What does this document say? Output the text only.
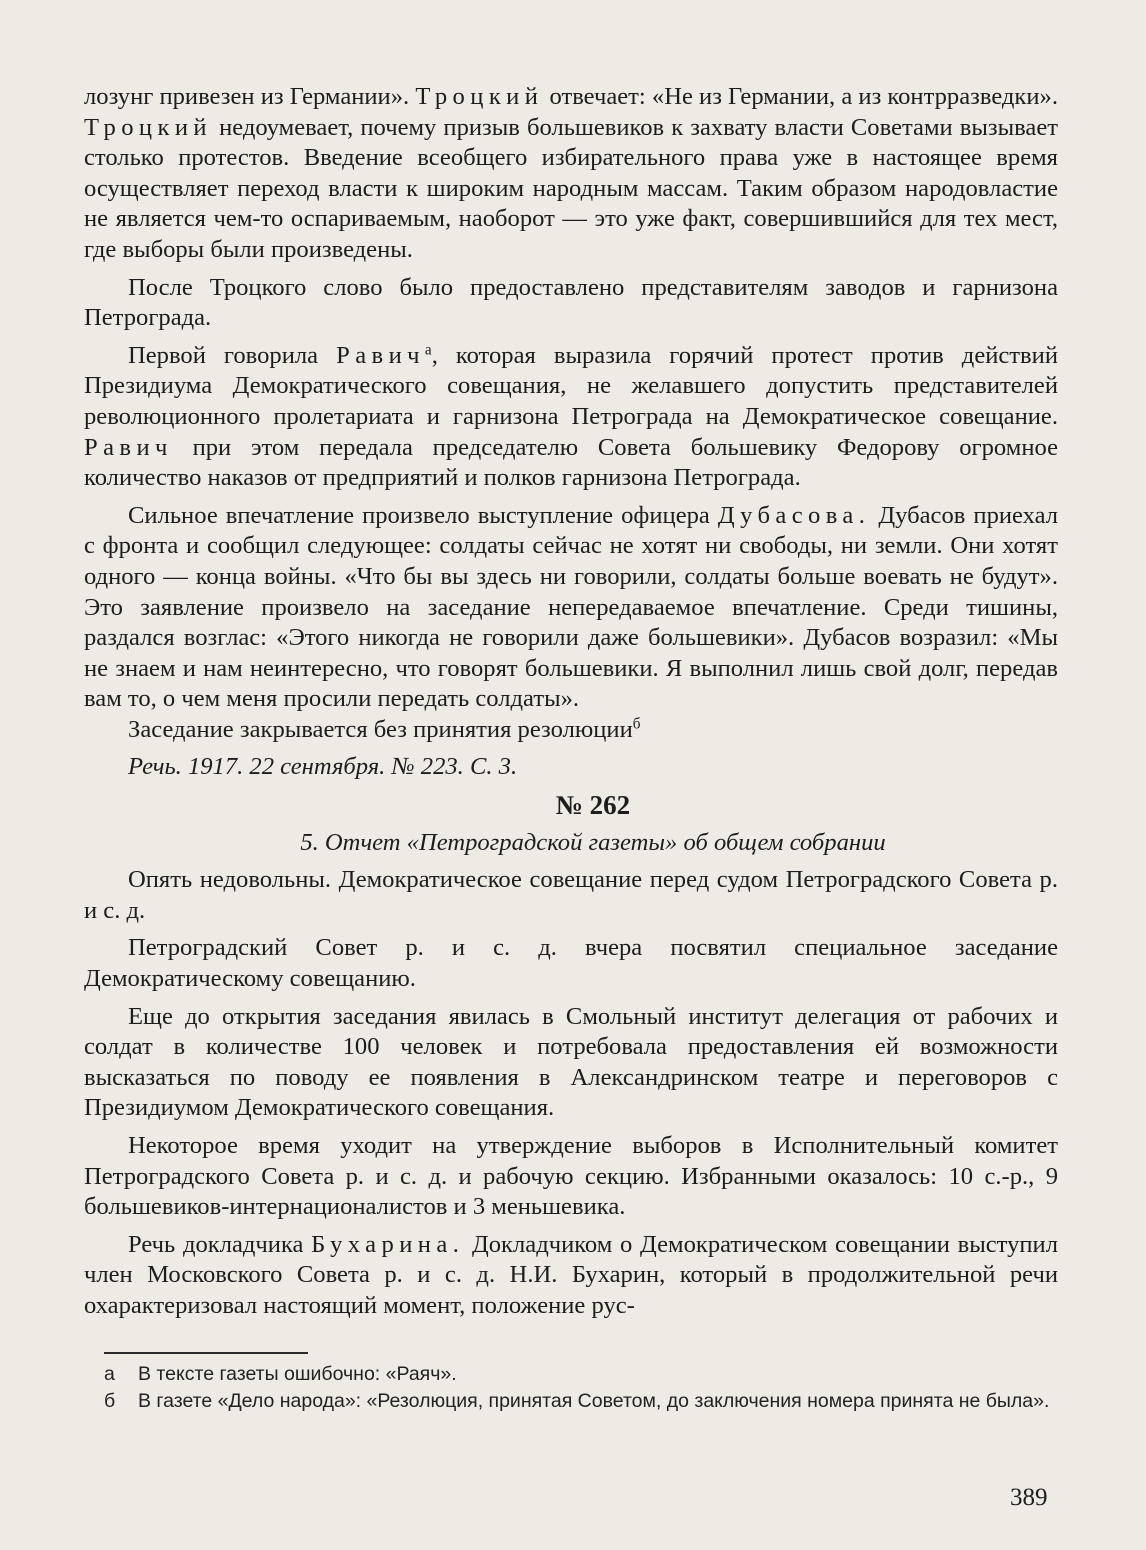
лозунг привезен из Германии». Троцкий отвечает: «Не из Германии, а из контрразведки». Троцкий недоумевает, почему призыв большевиков к захвату власти Советами вызывает столько протестов. Введение всеобщего избирательного права уже в настоящее время осуществляет переход власти к широким народным массам. Таким образом народовластие не является чем-то оспариваемым, наоборот — это уже факт, совершившийся для тех мест, где выборы были произведены.

После Троцкого слово было предоставлено представителям заводов и гарнизона Петрограда.

Первой говорила Равич$^а$, которая выразила горячий протест против действий Президиума Демократического совещания, не желавшего допустить представителей революционного пролетариата и гарнизона Петрограда на Демократическое совещание. Равич при этом передала председателю Совета большевику Федорову огромное количество наказов от предприятий и полков гарнизона Петрограда.

Сильное впечатление произвело выступление офицера Дубасова. Дубасов приехал с фронта и сообщил следующее: солдаты сейчас не хотят ни свободы, ни земли. Они хотят одного — конца войны. «Что бы вы здесь ни говорили, солдаты больше воевать не будут». Это заявление произвело на заседание непередаваемое впечатление. Среди тишины, раздался возглас: «Этого никогда не говорили даже большевики». Дубасов возразил: «Мы не знаем и нам неинтересно, что говорят большевики. Я выполнил лишь свой долг, передав вам то, о чем меня просили передать солдаты».

Заседание закрывается без принятия резолюции$^б$

Речь. 1917. 22 сентября. № 223. С. 3.

№ 262

5. Отчет «Петроградской газеты» об общем собрании

Опять недовольны. Демократическое совещание перед судом Петроградского Совета р. и с. д.

Петроградский Совет р. и с. д. вчера посвятил специальное заседание Демократическому совещанию.

Еще до открытия заседания явилась в Смольный институт делегация от рабочих и солдат в количестве 100 человек и потребовала предоставления ей возможности высказаться по поводу ее появления в Александринском театре и переговоров с Президиумом Демократического совещания.

Некоторое время уходит на утверждение выборов в Исполнительный комитет Петроградского Совета р. и с. д. и рабочую секцию. Избранными оказалось: 10 с.-р., 9 большевиков-интернационалистов и 3 меньшевика.

Речь докладчика Бухарина. Докладчиком о Демократическом совещании выступил член Московского Совета р. и с. д. Н.И. Бухарин, который в продолжительной речи охарактеризовал настоящий момент, положение рус-

а В тексте газеты ошибочно: «Раяч».
б В газете «Дело народа»: «Резолюция, принятая Советом, до заключения номера принята не была».
389
